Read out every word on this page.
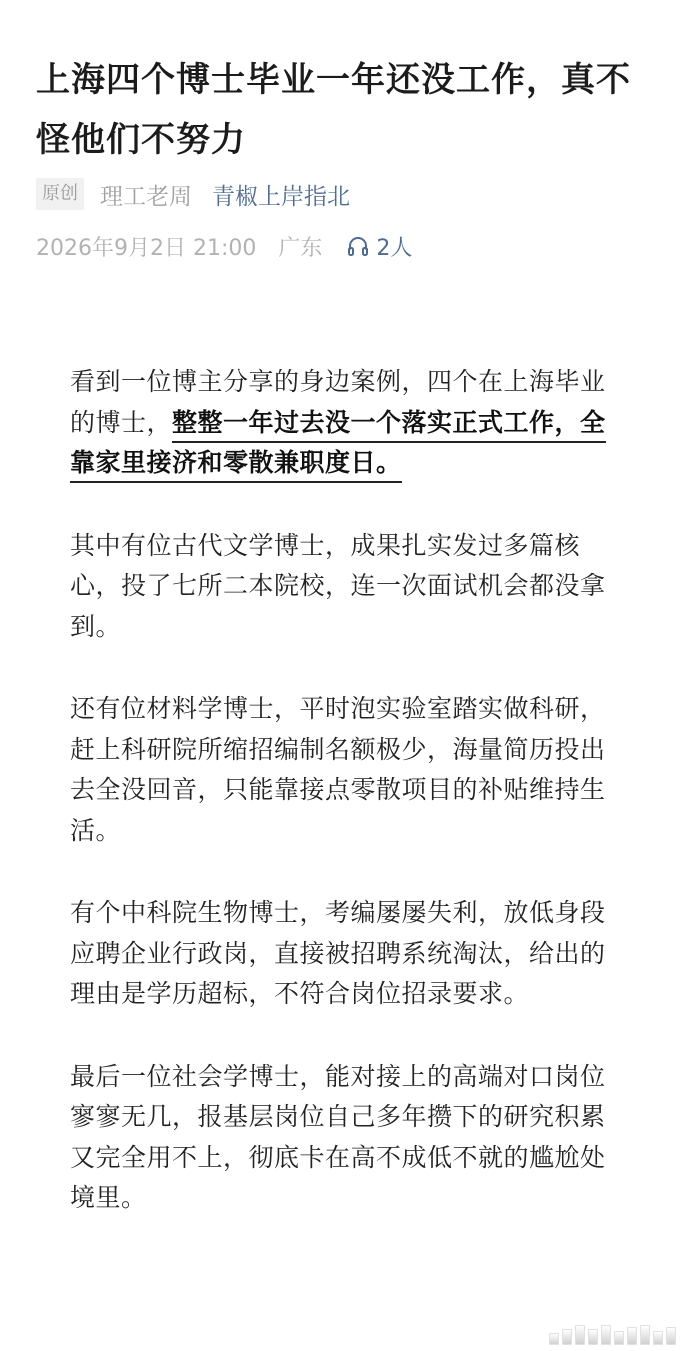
上海四个博士毕业一年还没工作，真不怪他们不努力
原创 理工老周 青椒上岸指北
2026年9月2日 21:00 广东 2人

看到一位博主分享的身边案例，四个在上海毕业的博士，整整一年过去没一个落实正式工作，全靠家里接济和零散兼职度日。

其中有位古代文学博士，成果扎实发过多篇核心，投了七所二本院校，连一次面试机会都没拿到。

还有位材料学博士，平时泡实验室踏实做科研，赶上科研院所缩招编制名额极少，海量简历投出去全没回音，只能靠接点零散项目的补贴维持生活。

有个中科院生物博士，考编屡屡失利，放低身段应聘企业行政岗，直接被招聘系统淘汰，给出的理由是学历超标，不符合岗位招录要求。

最后一位社会学博士，能对接上的高端对口岗位寥寥无几，报基层岗位自己多年攒下的研究积累又完全用不上，彻底卡在高不成低不就的尴尬处境里。
